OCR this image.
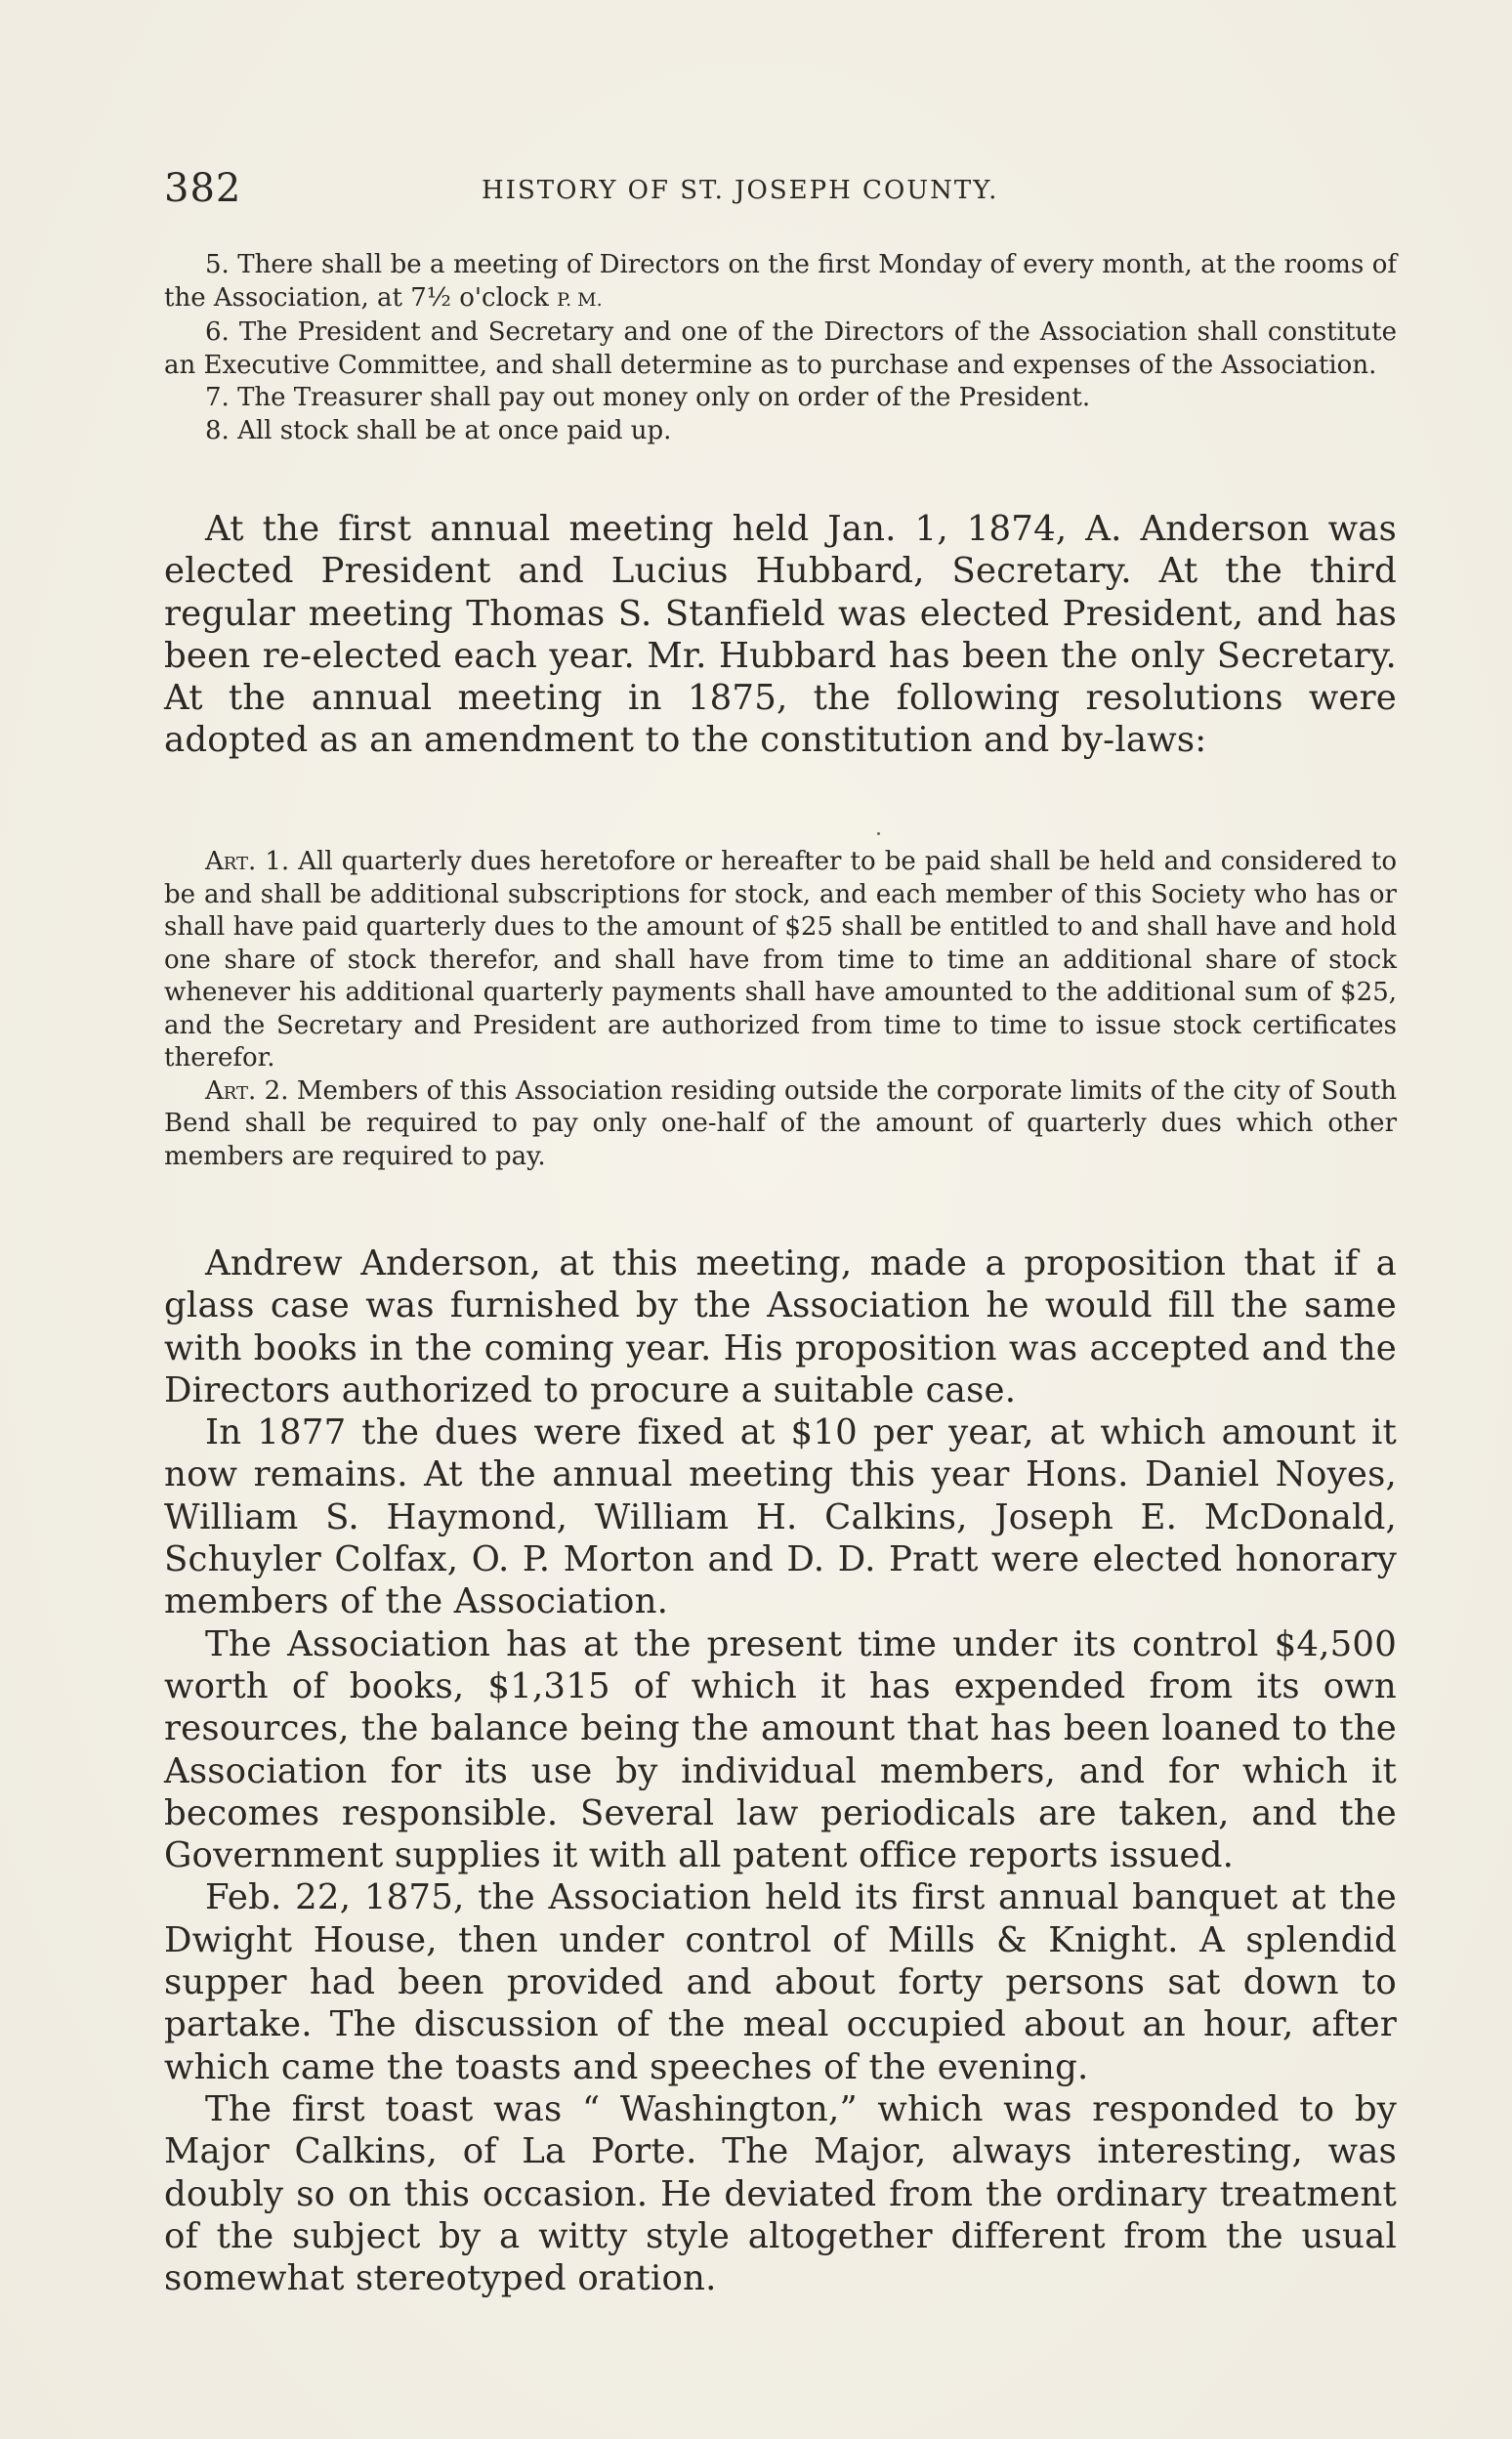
382	HISTORY OF ST. JOSEPH COUNTY.

5. There shall be a meeting of Directors on the first Monday of every month, at the rooms of the Association, at 7½ o'clock P. M.

6. The President and Secretary and one of the Directors of the Association shall constitute an Executive Committee, and shall determine as to purchase and expenses of the Association.

7. The Treasurer shall pay out money only on order of the President.

8. All stock shall be at once paid up.

At the first annual meeting held Jan. 1, 1874, A. Anderson was elected President and Lucius Hubbard, Secretary. At the third regular meeting Thomas S. Stanfield was elected President, and has been re-elected each year. Mr. Hubbard has been the only Secretary. At the annual meeting in 1875, the following resolutions were adopted as an amendment to the constitution and by-laws:

Art. 1. All quarterly dues heretofore or hereafter to be paid shall be held and considered to be and shall be additional subscriptions for stock, and each member of this Society who has or shall have paid quarterly dues to the amount of $25 shall be entitled to and shall have and hold one share of stock therefor, and shall have from time to time an additional share of stock whenever his additional quarterly payments shall have amounted to the additional sum of $25, and the Secretary and President are authorized from time to time to issue stock certificates therefor.

Art. 2. Members of this Association residing outside the corporate limits of the city of South Bend shall be required to pay only one-half of the amount of quarterly dues which other members are required to pay.

Andrew Anderson, at this meeting, made a proposition that if a glass case was furnished by the Association he would fill the same with books in the coming year. His proposition was accepted and the Directors authorized to procure a suitable case.

In 1877 the dues were fixed at $10 per year, at which amount it now remains. At the annual meeting this year Hons. Daniel Noyes, William S. Haymond, William H. Calkins, Joseph E. McDonald, Schuyler Colfax, O. P. Morton and D. D. Pratt were elected honorary members of the Association.

The Association has at the present time under its control $4,500 worth of books, $1,315 of which it has expended from its own resources, the balance being the amount that has been loaned to the Association for its use by individual members, and for which it becomes responsible. Several law periodicals are taken, and the Government supplies it with all patent office reports issued.

Feb. 22, 1875, the Association held its first annual banquet at the Dwight House, then under control of Mills & Knight. A splendid supper had been provided and about forty persons sat down to partake. The discussion of the meal occupied about an hour, after which came the toasts and speeches of the evening.

The first toast was “ Washington,” which was responded to by Major Calkins, of La Porte. The Major, always interesting, was doubly so on this occasion. He deviated from the ordinary treatment of the subject by a witty style altogether different from the usual somewhat stereotyped oration.
